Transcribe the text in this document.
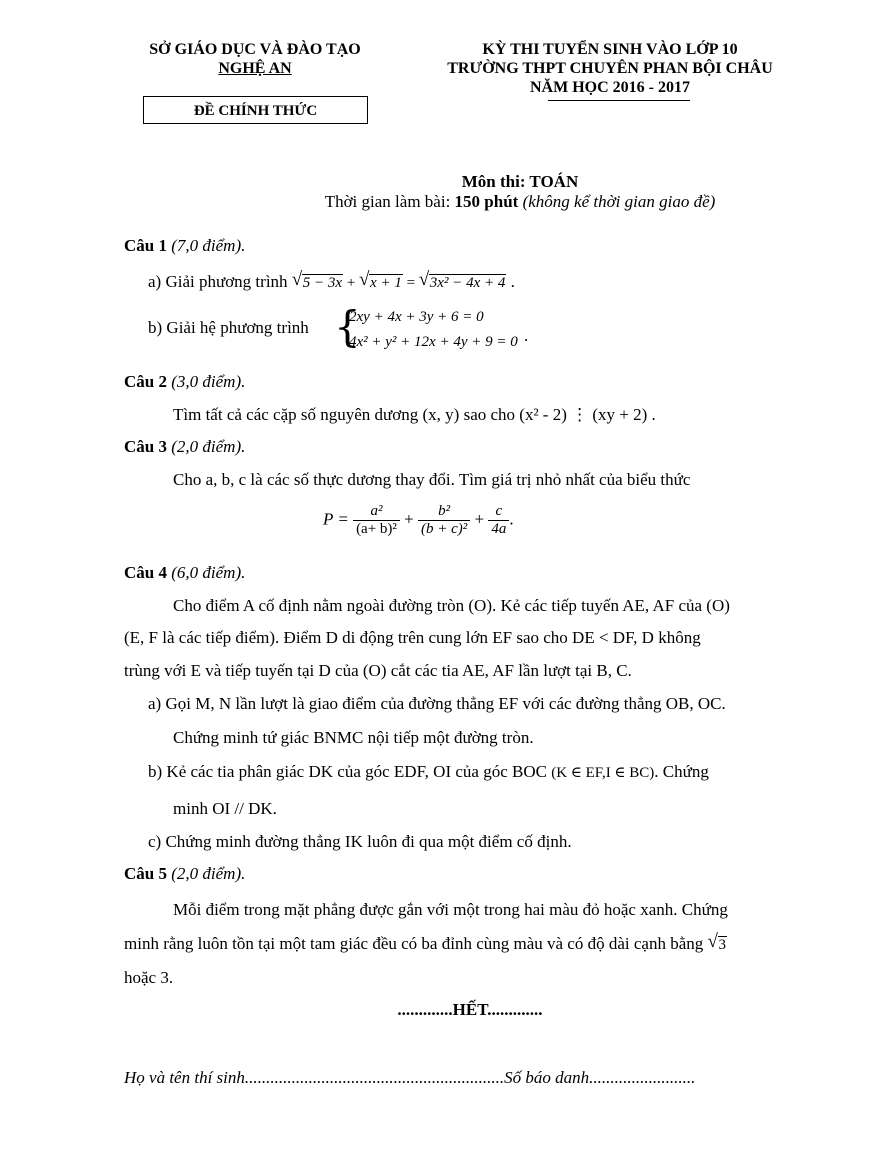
SỞ GIÁO DỤC VÀ ĐÀO TẠO
NGHỆ AN
ĐỀ CHÍNH THỨC
KỲ THI TUYỂN SINH VÀO LỚP 10
TRƯỜNG THPT CHUYÊN PHAN BỘI CHÂU
NĂM HỌC 2016 - 2017
Môn thi: TOÁN
Thời gian làm bài: 150 phút (không kể thời gian giao đề)
Câu 1 (7,0 điểm).
a) Giải phương trình √ 5 − 3x + √ x + 1 = √ 3x² − 4x + 4 .
b) Giải hệ phương trình {
2xy + 4x + 3y + 6 = 0
4x² + y² + 12x + 4y + 9 = 0 .
Câu 2 (3,0 điểm).
Tìm tất cả các cặp số nguyên dương (x, y) sao cho (x² - 2) ⋮ (xy + 2) .
Câu 3 (2,0 điểm).
Cho a, b, c là các số thực dương thay đổi. Tìm giá trị nhỏ nhất của biểu thức
$P = \frac{\text{a²}}{\text{(a+ b)²}} + \frac{\text{b²}}{\text{(b + c)²}} + \frac{c}{4a}$ .
Câu 4 (6,0 điểm).
Cho điểm A cố định nằm ngoài đường tròn (O). Kẻ các tiếp tuyến AE, AF của (O)
(E, F là các tiếp điểm). Điểm D di động trên cung lớn EF sao cho DE < DF, D không
trùng với E và tiếp tuyến tại D của (O) cắt các tia AE, AF lần lượt tại B, C.
a) Gọi M, N lần lượt là giao điểm của đường thẳng EF với các đường thẳng OB, OC.
Chứng minh tứ giác BNMC nội tiếp một đường tròn.
b) Kẻ các tia phân giác DK của góc EDF, OI của góc BOC (K ∈ EF,I ∈ BC). Chứng
minh OI // DK.
c) Chứng minh đường thẳng IK luôn đi qua một điểm cố định.
Câu 5 (2,0 điểm).
Mỗi điểm trong mặt phẳng được gắn với một trong hai màu đỏ hoặc xanh. Chứng
minh rằng luôn tồn tại một tam giác đều có ba đỉnh cùng màu và có độ dài cạnh bằng √ 3
hoặc 3.
.............HẾT.............
Họ và tên thí sinh.............................................................Số báo danh.........................
